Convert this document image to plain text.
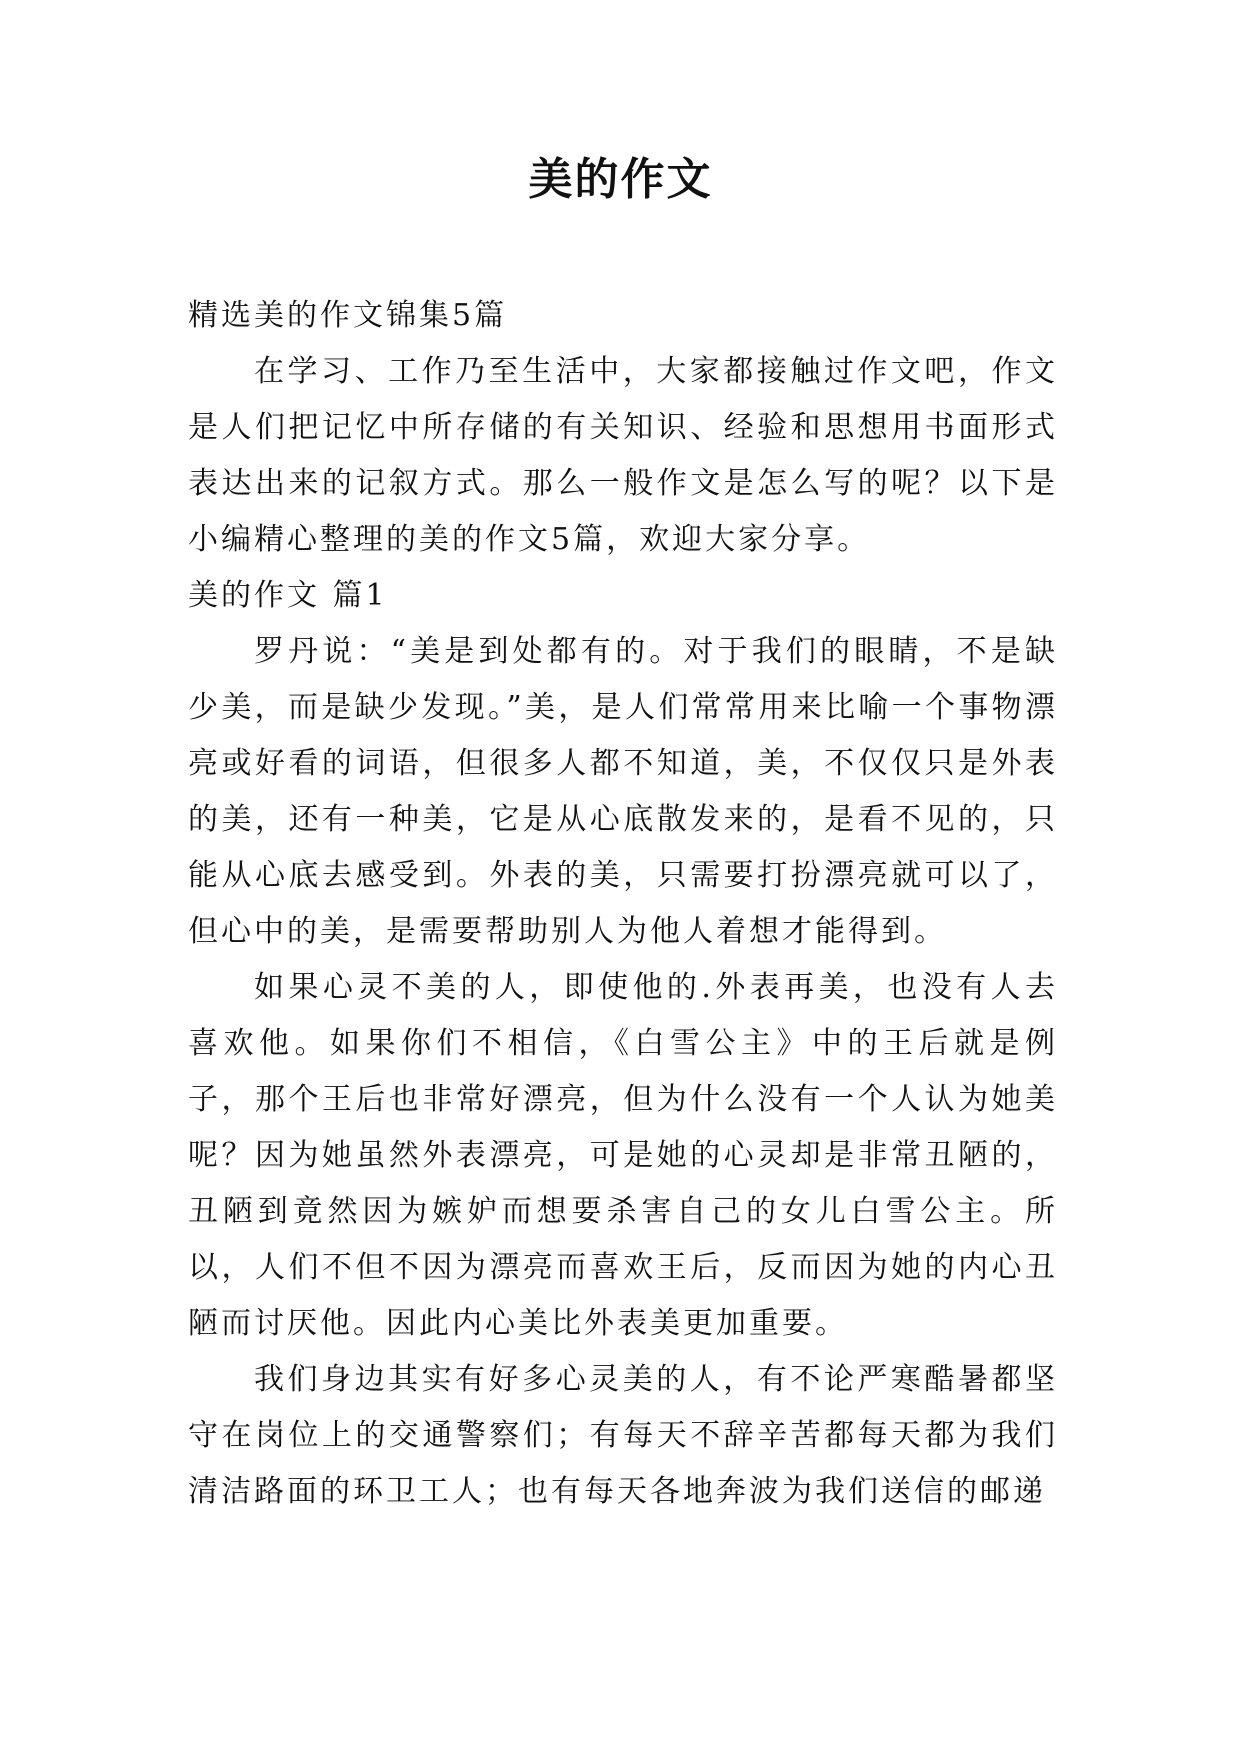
美的作文

精选美的作文锦集5篇

在学习、工作乃至生活中，大家都接触过作文吧，作文是人们把记忆中所存储的有关知识、经验和思想用书面形式表达出来的记叙方式。那么一般作文是怎么写的呢？以下是小编精心整理的美的作文5篇，欢迎大家分享。

美的作文 篇1

罗丹说：“美是到处都有的。对于我们的眼睛，不是缺少美，而是缺少发现。”美，是人们常常用来比喻一个事物漂亮或好看的词语，但很多人都不知道，美，不仅仅只是外表的美，还有一种美，它是从心底散发来的，是看不见的，只能从心底去感受到。外表的美，只需要打扮漂亮就可以了，但心中的美，是需要帮助别人为他人着想才能得到。

如果心灵不美的人，即使他的.外表再美，也没有人去喜欢他。如果你们不相信，《白雪公主》中的王后就是例子，那个王后也非常好漂亮，但为什么没有一个人认为她美呢？因为她虽然外表漂亮，可是她的心灵却是非常丑陋的，丑陋到竟然因为嫉妒而想要杀害自己的女儿白雪公主。所以，人们不但不因为漂亮而喜欢王后，反而因为她的内心丑陋而讨厌他。因此内心美比外表美更加重要。

我们身边其实有好多心灵美的人，有不论严寒酷暑都坚守在岗位上的交通警察们；有每天不辞辛苦都每天都为我们清洁路面的环卫工人；也有每天各地奔波为我们送信的邮递
